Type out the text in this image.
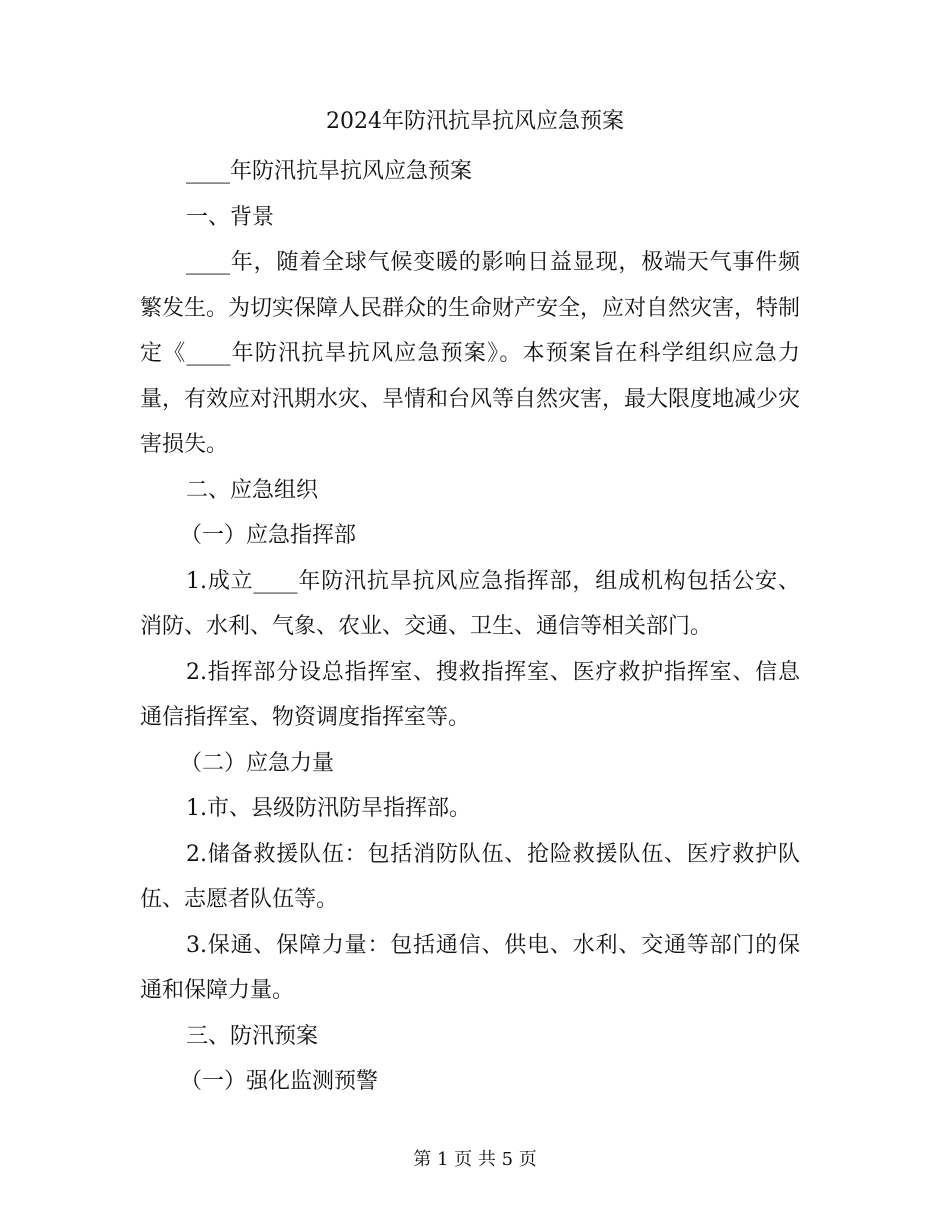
2024年防汛抗旱抗风应急预案

____年防汛抗旱抗风应急预案

一、背景

____年，随着全球气候变暖的影响日益显现，极端天气事件频繁发生。为切实保障人民群众的生命财产安全，应对自然灾害，特制定《____年防汛抗旱抗风应急预案》。本预案旨在科学组织应急力量，有效应对汛期水灾、旱情和台风等自然灾害，最大限度地减少灾害损失。

二、应急组织

（一）应急指挥部

1.成立____年防汛抗旱抗风应急指挥部，组成机构包括公安、消防、水利、气象、农业、交通、卫生、通信等相关部门。

2.指挥部分设总指挥室、搜救指挥室、医疗救护指挥室、信息通信指挥室、物资调度指挥室等。

（二）应急力量

1.市、县级防汛防旱指挥部。

2.储备救援队伍：包括消防队伍、抢险救援队伍、医疗救护队伍、志愿者队伍等。

3.保通、保障力量：包括通信、供电、水利、交通等部门的保通和保障力量。

三、防汛预案

（一）强化监测预警

第 1 页 共 5 页
